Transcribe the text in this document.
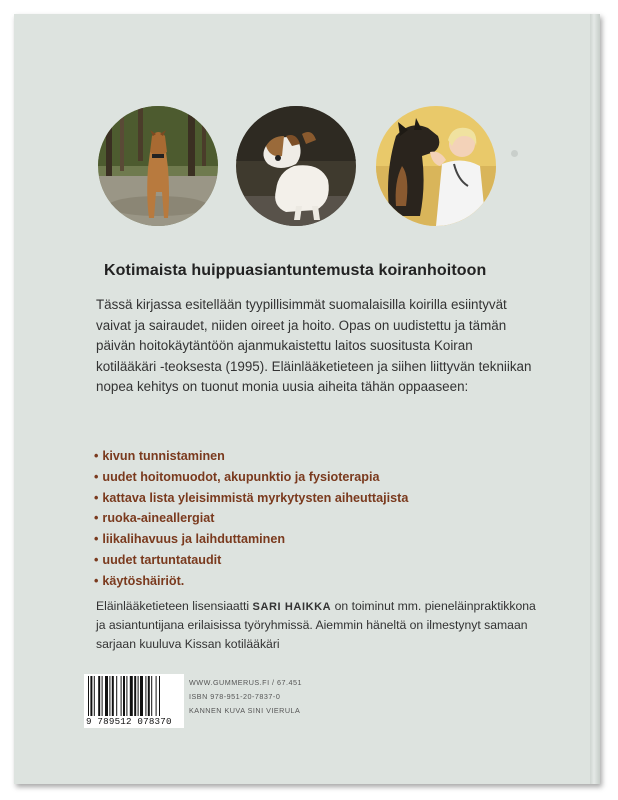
Kotimaista huippuasiantuntemusta koiranhoitoon

Tässä kirjassa esitellään tyypillisimmät suomalaisilla koirilla esiintyvät vaivat ja sairaudet, niiden oireet ja hoito. Opas on uudistettu ja tämän päivän hoitokäytäntöön ajanmukaistettu laitos suositusta Koiran kotilääkäri -teoksesta (1995). Eläinlääketieteen ja siihen liittyvän tekniikan nopea kehitys on tuonut monia uusia aiheita tähän oppaaseen:

• kivun tunnistaminen
• uudet hoitomuodot, akupunktio ja fysioterapia
• kattava lista yleisimmistä myrkytysten aiheuttajista
• ruoka-aineallergiat
• liikalihavuus ja laihduttaminen
• uudet tartuntataudit
• käytöshäiriöt.

Eläinlääketieteen lisensiaatti SARI HAIKKA on toiminut mm. pieneläinpraktikkona ja asiantuntijana erilaisissa työryhmissä. Aiemmin häneltä on ilmestynyt samaan sarjaan kuuluva Kissan kotilääkäri

9 789512 078370
WWW.GUMMERUS.FI / 67.451
ISBN 978-951-20-7837-0
KANNEN KUVA SINI VIERULA
